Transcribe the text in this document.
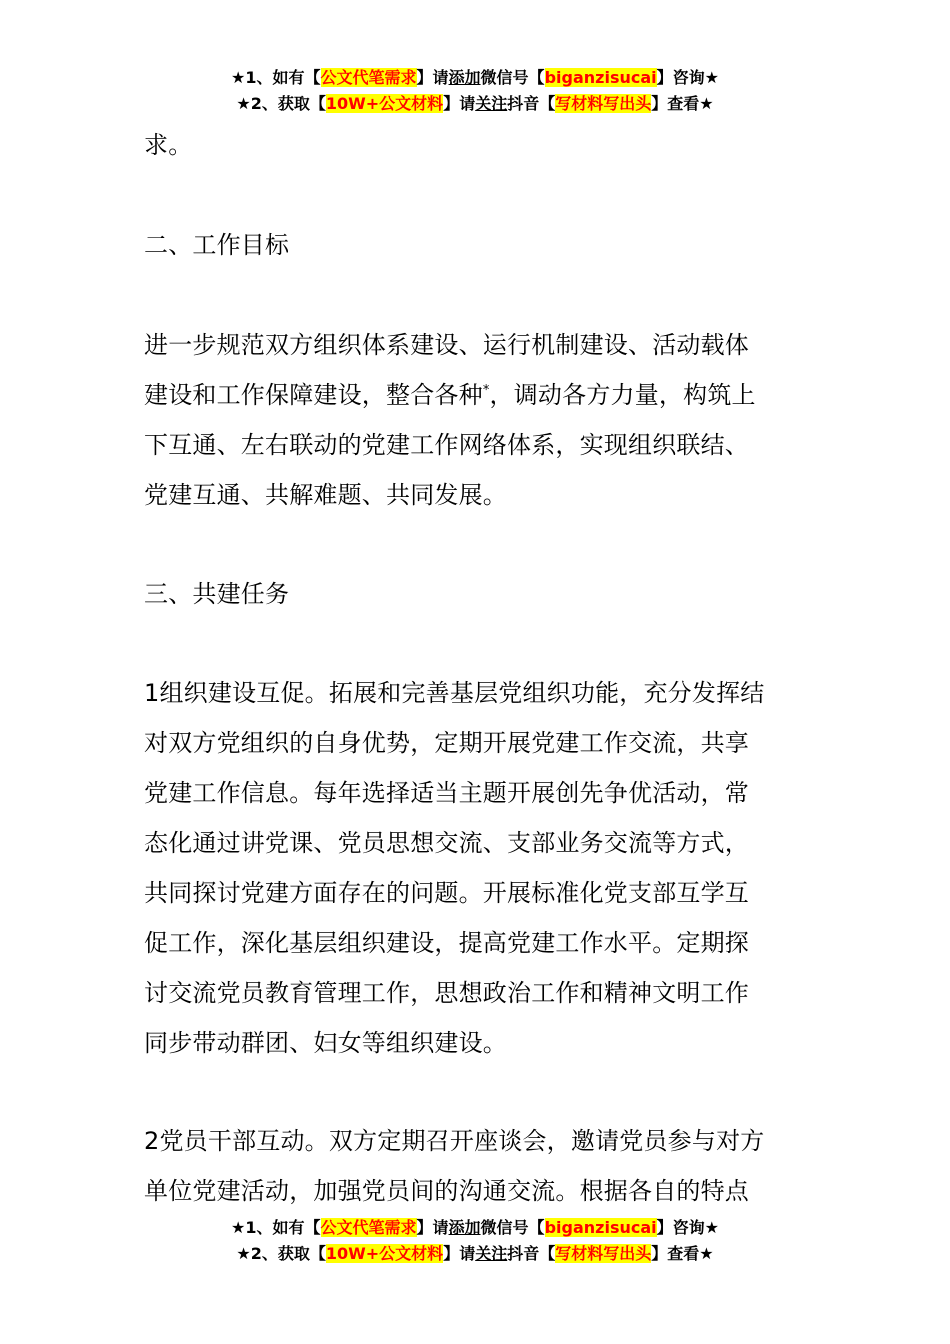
★1、如有【公文代笔需求】请添加微信号【biganzisucai】咨询★
★2、获取【10W+公文材料】请关注抖音【写材料写出头】查看★

求。

二、工作目标

进一步规范双方组织体系建设、运行机制建设、活动载体

建设和工作保障建设，整合各种*，调动各方力量，构筑上

下互通、左右联动的党建工作网络体系，实现组织联结、

党建互通、共解难题、共同发展。

三、共建任务

1组织建设互促。拓展和完善基层党组织功能，充分发挥结

对双方党组织的自身优势，定期开展党建工作交流，共享

党建工作信息。每年选择适当主题开展创先争优活动，常

态化通过讲党课、党员思想交流、支部业务交流等方式，

共同探讨党建方面存在的问题。开展标准化党支部互学互

促工作，深化基层组织建设，提高党建工作水平。定期探

讨交流党员教育管理工作，思想政治工作和精神文明工作

同步带动群团、妇女等组织建设。

2党员干部互动。双方定期召开座谈会，邀请党员参与对方

单位党建活动，加强党员间的沟通交流。根据各自的特点

★1、如有【公文代笔需求】请添加微信号【biganzisucai】咨询★
★2、获取【10W+公文材料】请关注抖音【写材料写出头】查看★
